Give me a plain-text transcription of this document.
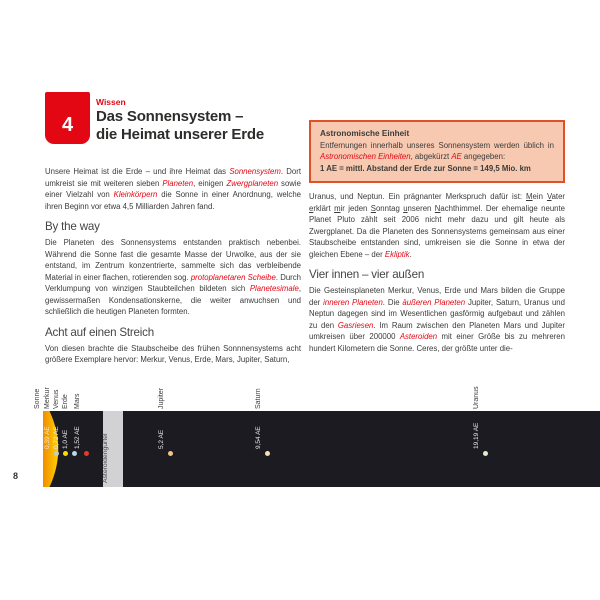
4
Wissen
Das Sonnensystem –
die Heimat unserer Erde

Unsere Heimat ist die Erde – und ihre Heimat das Sonnensystem. Dort umkreist sie mit weiteren sieben Planeten, einigen Zwergplaneten sowie einer Vielzahl von Kleinkörpern die Sonne in einer Anordnung, welche ihren Beginn vor etwa 4,5 Milliarden Jahren fand.

By the way

Die Planeten des Sonnensystems entstanden praktisch nebenbei. Während die Sonne fast die gesamte Masse der Urwolke, aus der sie entstand, im Zentrum konzentrierte, sammelte sich das verbleibende Material in einer flachen, rotierenden sog. protoplanetaren Scheibe. Durch Verklumpung von winzigen Staubteilchen bildeten sich Planetesimale, gewissermaßen Kondensationskerne, die weiter anwuchsen und schließlich die heutigen Planeten formten.

Acht auf einen Streich

Von diesen brachte die Staubscheibe des frühen Sonnnensystems acht größere Exemplare hervor: Merkur, Venus, Erde, Mars, Jupiter, Saturn,

Astronomische Einheit

Entfernungen innerhalb unseres Sonnensystem werden üblich in Astronomischen Einheiten, abgekürzt AE angegeben:

1 AE = mittl. Abstand der Erde zur Sonne = 149,5 Mio. km

Uranus, und Neptun. Ein prägnanter Merkspruch dafür ist: Mein Vater erklärt mir jeden Sonntag unseren Nachthimmel. Der ehemalige neunte Planet Pluto zählt seit 2006 nicht mehr dazu und gilt heute als Zwergplanet. Da die Planeten des Sonnensystems gemeinsam aus einer Staubscheibe entstanden sind, umkreisen sie die Sonne in etwa der gleichen Ebene – der Ekliptik.

Vier innen – vier außen

Die Gesteinsplaneten Merkur, Venus, Erde und Mars bilden die Gruppe der inneren Planeten. Die äußeren Planeten Jupiter, Saturn, Uranus und Neptun dagegen sind im Wesentlichen gasförmig aufgebaut und zählen zu den Gasriesen. Im Raum zwischen den Planeten Mars und Jupiter umkreisen über 200000 Asteroiden mit einer Größe bis zu mehreren hundert Kilometern die Sonne. Ceres, der größte unter die-

Sonne Merkur Venus Erde Mars	Jupiter	Saturn	Uranus
Asteroidengürtel
0,39 AE 0,72 AE 1,0 AE 1,52 AE	5,2 AE	9,54 AE	19,19 AE
8
